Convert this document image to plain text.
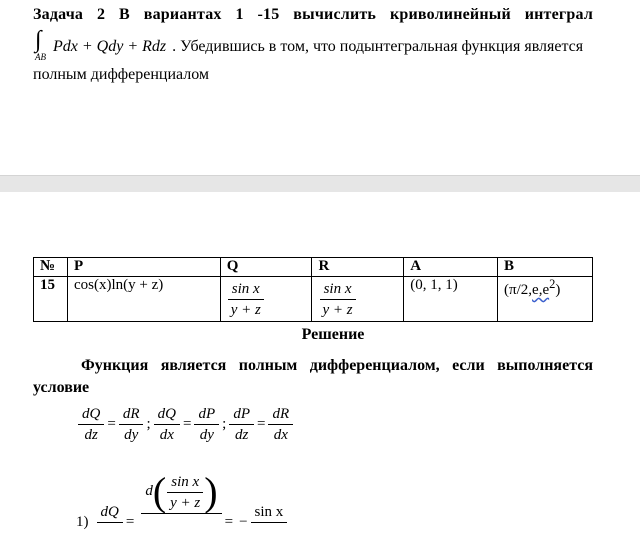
Задача 2 В вариантах 1 -15 вычислить криволинейный интеграл
∫
AB
Pdx + Qdy + Rdz . Убедившись в том, что подынтегральная функция является
полным дифференциалом
№	P	Q	R	A	B
15	cos(x)ln(y + z)	$\frac{\text{sin x}}{y + z}$	$\frac{\text{sin x}}{y + z}$	(0, 1, 1)	$(\pi/2,e,e^2)$
Решение
Функция является полным дифференциалом, если выполняется условие
$\frac{dQ}{dz} = \frac{dR}{dy}$ ; $\frac{dQ}{dx} = \frac{dP}{dy}$ ; $\frac{dP}{dz} = \frac{dR}{dx}$
1)
dQ

=
d ( $\frac{\text{sin x}}{y + z}$ )

= −
sin x
